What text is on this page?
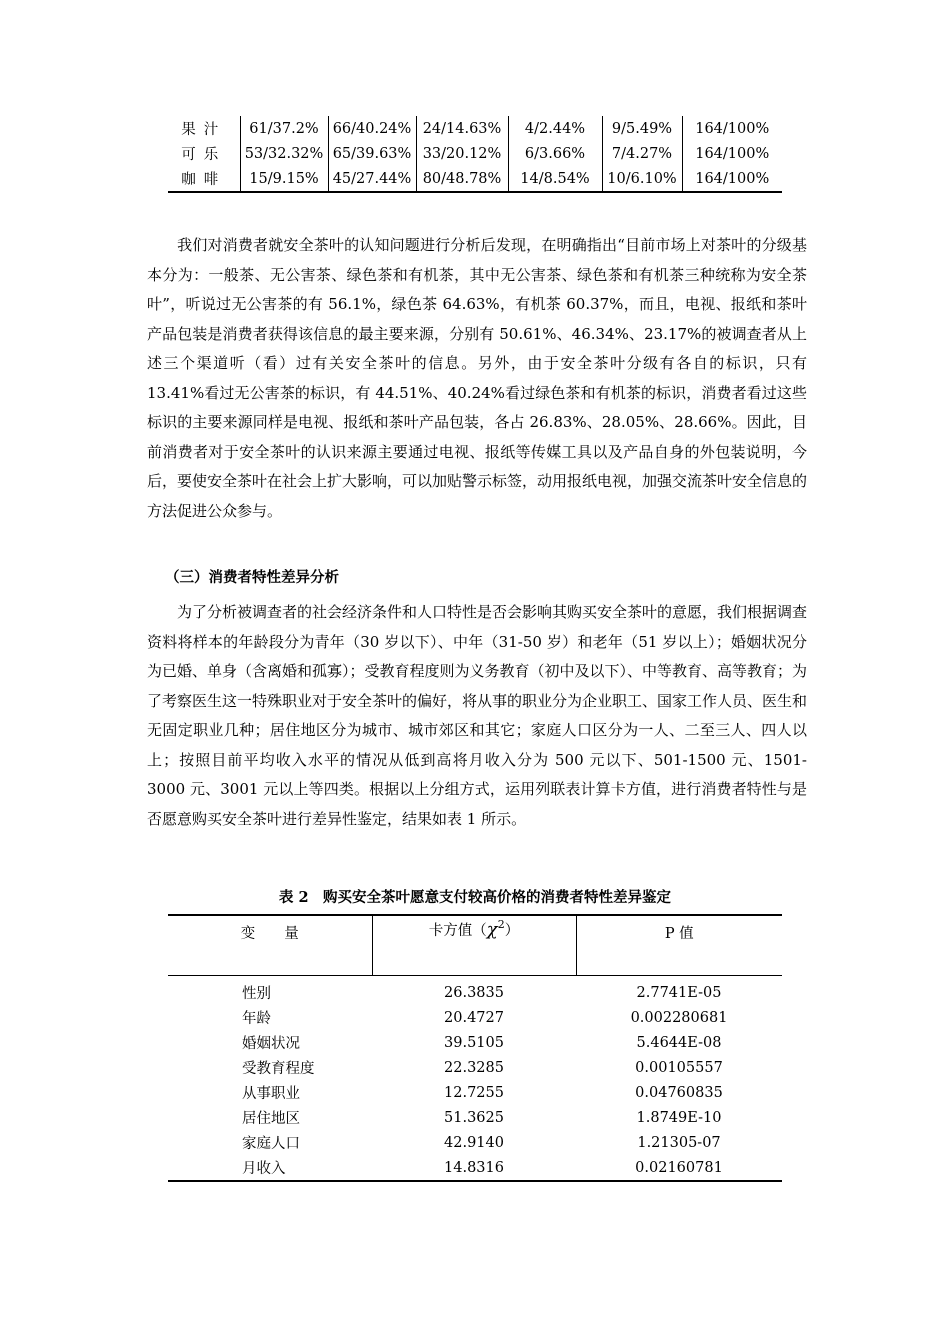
果汁	61/37.2%	66/40.24%	24/14.63%	4/2.44%	9/5.49%	164/100%
可乐	53/32.32%	65/39.63%	33/20.12%	6/3.66%	7/4.27%	164/100%
咖啡	15/9.15%	45/27.44%	80/48.78%	14/8.54%	10/6.10%	164/100%

我们对消费者就安全茶叶的认知问题进行分析后发现，在明确指出“目前市场上对茶叶的分级基本分为：一般茶、无公害茶、绿色茶和有机茶，其中无公害茶、绿色茶和有机茶三种统称为安全茶叶”，听说过无公害茶的有 56.1%，绿色茶 64.63%，有机茶 60.37%，而且，电视、报纸和茶叶产品包装是消费者获得该信息的最主要来源，分别有 50.61%、46.34%、23.17%的被调查者从上述三个渠道听（看）过有关安全茶叶的信息。另外，由于安全茶叶分级有各自的标识，只有 13.41%看过无公害茶的标识，有 44.51%、40.24%看过绿色茶和有机茶的标识，消费者看过这些标识的主要来源同样是电视、报纸和茶叶产品包装，各占 26.83%、28.05%、28.66%。因此，目前消费者对于安全茶叶的认识来源主要通过电视、报纸等传媒工具以及产品自身的外包装说明，今后，要使安全茶叶在社会上扩大影响，可以加贴警示标签，动用报纸电视，加强交流茶叶安全信息的方法促进公众参与。

（三）消费者特性差异分析

为了分析被调查者的社会经济条件和人口特性是否会影响其购买安全茶叶的意愿，我们根据调查资料将样本的年龄段分为青年（30 岁以下）、中年（31-50 岁）和老年（51 岁以上）；婚姻状况分为已婚、单身（含离婚和孤寡）；受教育程度则为义务教育（初中及以下）、中等教育、高等教育；为了考察医生这一特殊职业对于安全茶叶的偏好，将从事的职业分为企业职工、国家工作人员、医生和无固定职业几种；居住地区分为城市、城市郊区和其它；家庭人口区分为一人、二至三人、四人以上；按照目前平均收入水平的情况从低到高将月收入分为 500 元以下、501-1500 元、1501-3000 元、3001 元以上等四类。根据以上分组方式，运用列联表计算卡方值，进行消费者特性与是否愿意购买安全茶叶进行差异性鉴定，结果如表 1 所示。

表 2　购买安全茶叶愿意支付较高价格的消费者特性差异鉴定
变　　量	卡方值$(\chi^2)$	P 值
性别	26.3835	2.7741E-05
年龄	20.4727	0.002280681
婚姻状况	39.5105	5.4644E-08
受教育程度	22.3285	0.00105557
从事职业	12.7255	0.04760835
居住地区	51.3625	1.8749E-10
家庭人口	42.9140	1.21305-07
月收入	14.8316	0.02160781
